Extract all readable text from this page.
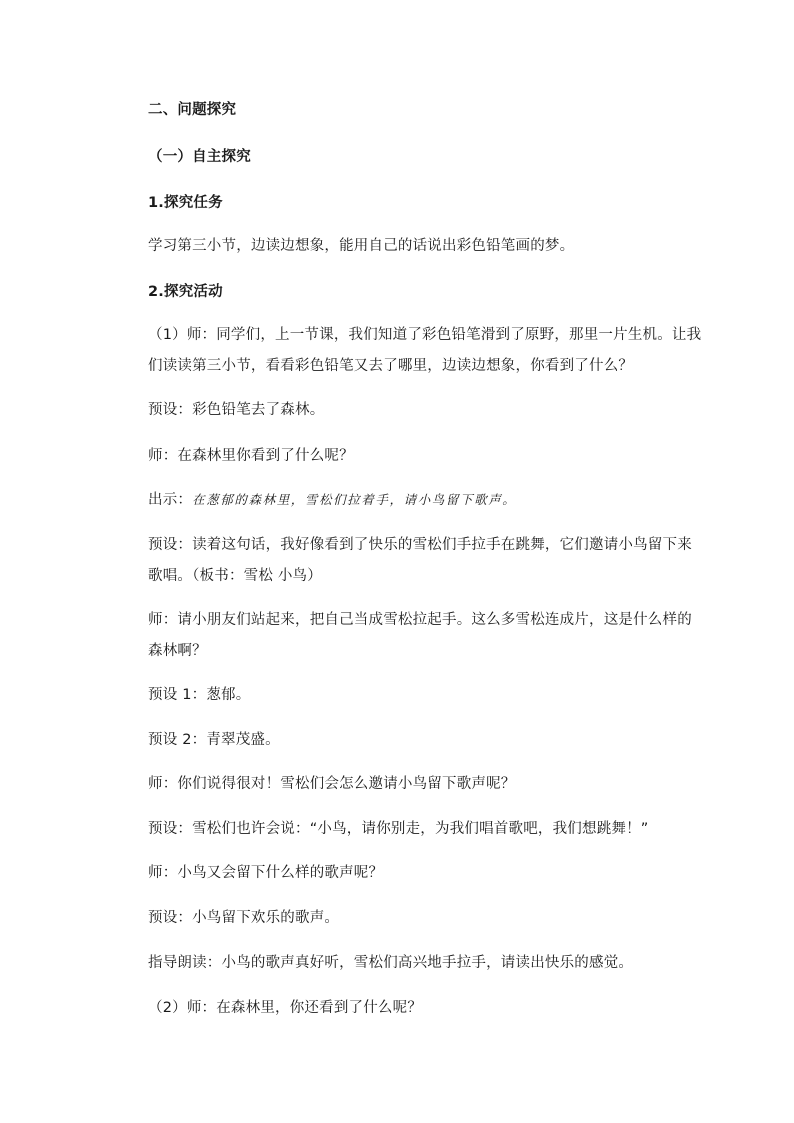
二、问题探究
（一）自主探究
1.探究任务
学习第三小节，边读边想象，能用自己的话说出彩色铅笔画的梦。
2.探究活动
（1）师：同学们，上一节课，我们知道了彩色铅笔滑到了原野，那里一片生机。让我
们读读第三小节，看看彩色铅笔又去了哪里，边读边想象，你看到了什么？
预设：彩色铅笔去了森林。
师：在森林里你看到了什么呢？
出示：在葱郁的森林里，雪松们拉着手，请小鸟留下歌声。
预设：读着这句话，我好像看到了快乐的雪松们手拉手在跳舞，它们邀请小鸟留下来
歌唱。（板书：雪松 小鸟）
师：请小朋友们站起来，把自己当成雪松拉起手。这么多雪松连成片，这是什么样的
森林啊？
预设 1：葱郁。
预设 2：青翠茂盛。
师：你们说得很对！雪松们会怎么邀请小鸟留下歌声呢？
预设：雪松们也许会说：“小鸟，请你别走，为我们唱首歌吧，我们想跳舞！”
师：小鸟又会留下什么样的歌声呢？
预设：小鸟留下欢乐的歌声。
指导朗读：小鸟的歌声真好听，雪松们高兴地手拉手，请读出快乐的感觉。
（2）师：在森林里，你还看到了什么呢？
